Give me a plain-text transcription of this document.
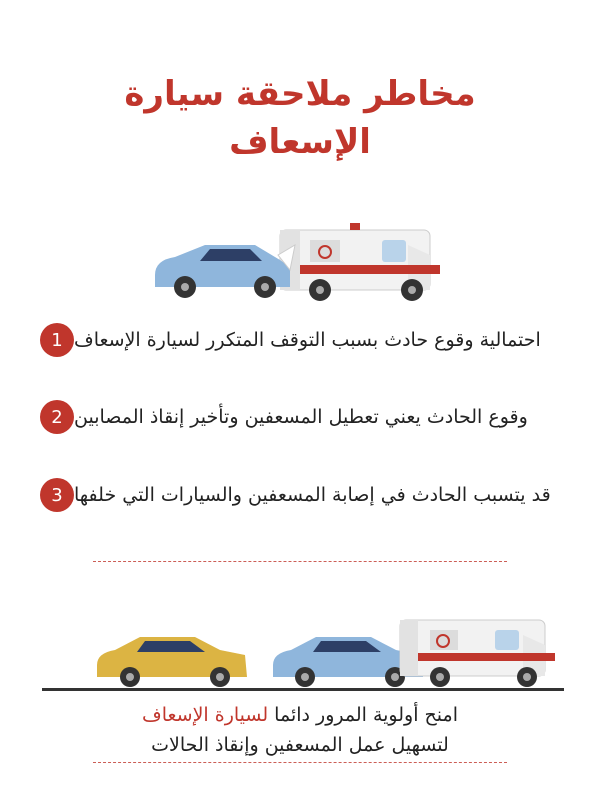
مخاطر ملاحقة سيارة
الإسعاف
1 احتمالية وقوع حادث بسبب التوقف المتكرر لسيارة الإسعاف
2 وقوع الحادث يعني تعطيل المسعفين وتأخير إنقاذ المصابين
3 قد يتسبب الحادث في إصابة المسعفين والسيارات التي خلفها
امنح أولوية المرور دائما لسيارة الإسعاف
لتسهيل عمل المسعفين وإنقاذ الحالات
